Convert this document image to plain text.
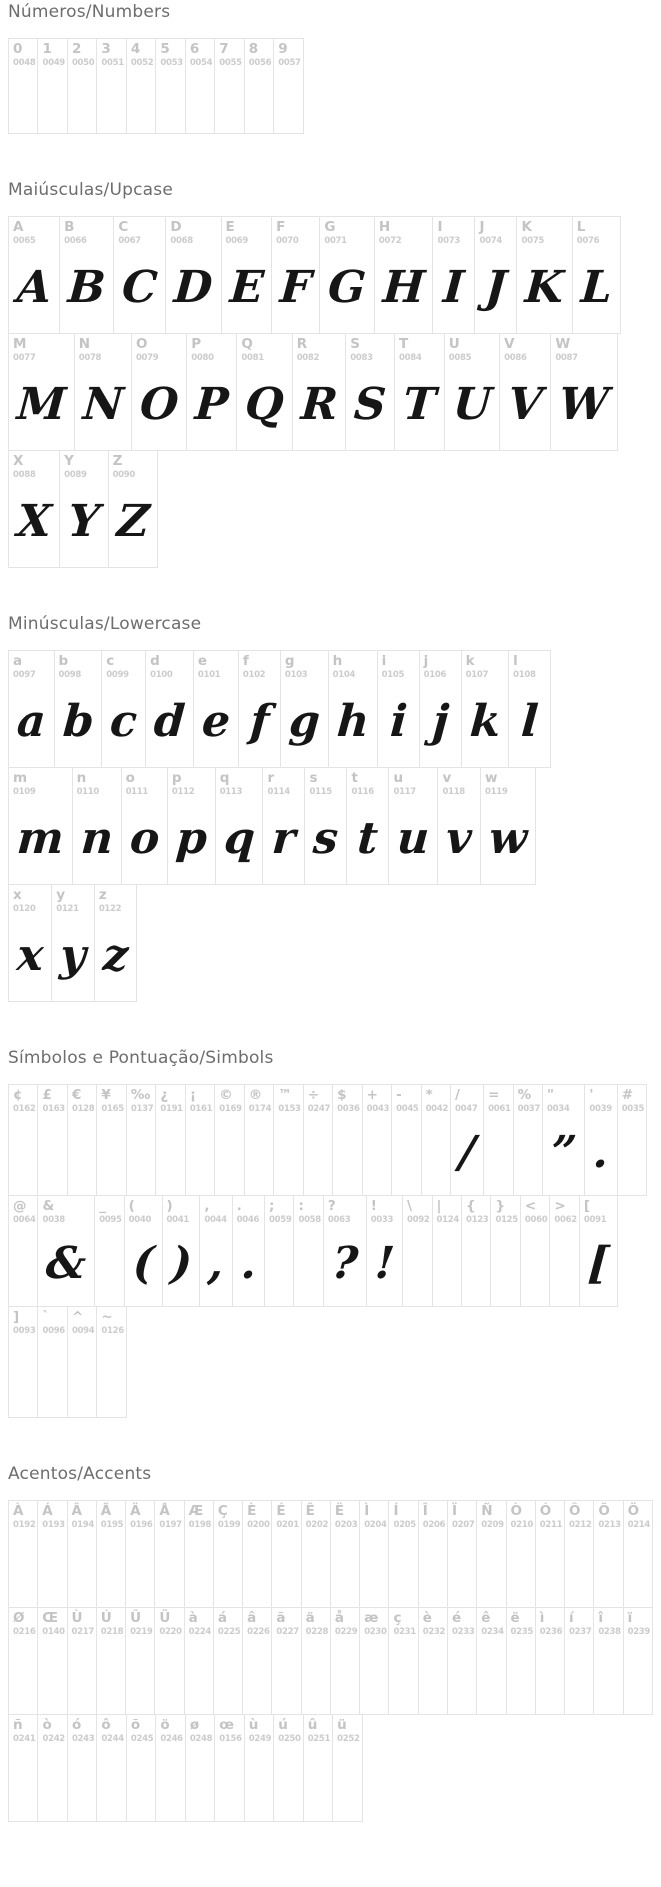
Números/Numbers
0
0048
1
0049
2
0050
3
0051
4
0052
5
0053
6
0054
7
0055
8
0056
9
0057
Maiúsculas/Upcase
A
0065
A
B
0066
B
C
0067
C
D
0068
D
E
0069
E
F
0070
F
G
0071
G
H
0072
H
I
0073
I
J
0074
J
K
0075
K
L
0076
L
M
0077
M
N
0078
N
O
0079
O
P
0080
P
Q
0081
Q
R
0082
R
S
0083
S
T
0084
T
U
0085
U
V
0086
V
W
0087
W
X
0088
X
Y
0089
Y
Z
0090
Z
Minúsculas/Lowercase
a
0097
a
b
0098
b
c
0099
c
d
0100
d
e
0101
e
f
0102
f
g
0103
g
h
0104
h
i
0105
i
j
0106
j
k
0107
k
l
0108
l
m
0109
m
n
0110
n
o
0111
o
p
0112
p
q
0113
q
r
0114
r
s
0115
s
t
0116
t
u
0117
u
v
0118
v
w
0119
w
x
0120
x
y
0121
y
z
0122
z
Símbolos e Pontuação/Simbols
¢
0162
£
0163
€
0128
¥
0165
‰
0137
¿
0191
¡
0161
©
0169
®
0174
™
0153
÷
0247
$
0036
+
0043
-
0045
*
0042
/
0047
/
=
0061
%
0037
"
0034
”
'
0039
.
#
0035
@
0064
&
0038
&
_
0095
(
0040
(
)
0041
)
,
0044
,
.
0046
.
;
0059
:
0058
?
0063
?
!
0033
!
\
0092
|
0124
{
0123
}
0125
<
0060
>
0062
[
0091
[
]
0093
`
0096
^
0094
~
0126
Acentos/Accents
À
0192
Á
0193
Â
0194
Ã
0195
Ä
0196
Å
0197
Æ
0198
Ç
0199
È
0200
É
0201
Ê
0202
Ë
0203
Ì
0204
Í
0205
Î
0206
Ï
0207
Ñ
0209
Ò
0210
Ó
0211
Ô
0212
Õ
0213
Ö
0214
Ø
0216
Œ
0140
Ù
0217
Ú
0218
Û
0219
Ü
0220
à
0224
á
0225
â
0226
ã
0227
ä
0228
å
0229
æ
0230
ç
0231
è
0232
é
0233
ê
0234
ë
0235
ì
0236
í
0237
î
0238
ï
0239
ñ
0241
ò
0242
ó
0243
ô
0244
õ
0245
ö
0246
ø
0248
œ
0156
ù
0249
ú
0250
û
0251
ü
0252
